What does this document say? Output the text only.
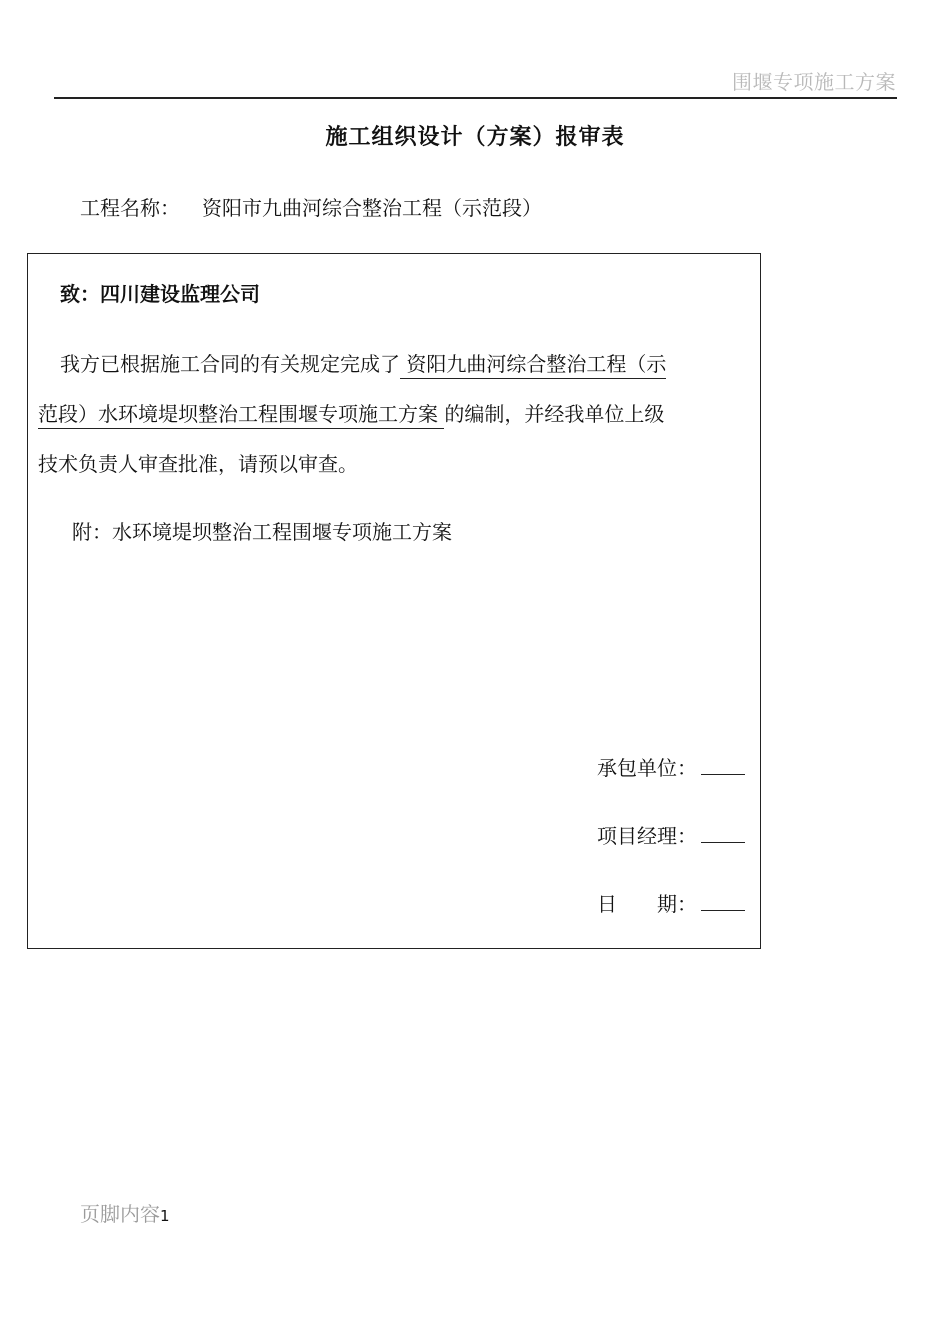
围堰专项施工方案
施工组织设计（方案）报审表
工程名称： 资阳市九曲河综合整治工程（示范段）
致：四川建设监理公司
我方已根据施工合同的有关规定完成了 资阳九曲河综合整治工程（示
范段）水环境堤坝整治工程围堰专项施工方案 的编制，并经我单位上级
技术负责人审查批准，请预以审查。
附：水环境堤坝整治工程围堰专项施工方案
承包单位：
项目经理：
日　　期：
页脚内容1
